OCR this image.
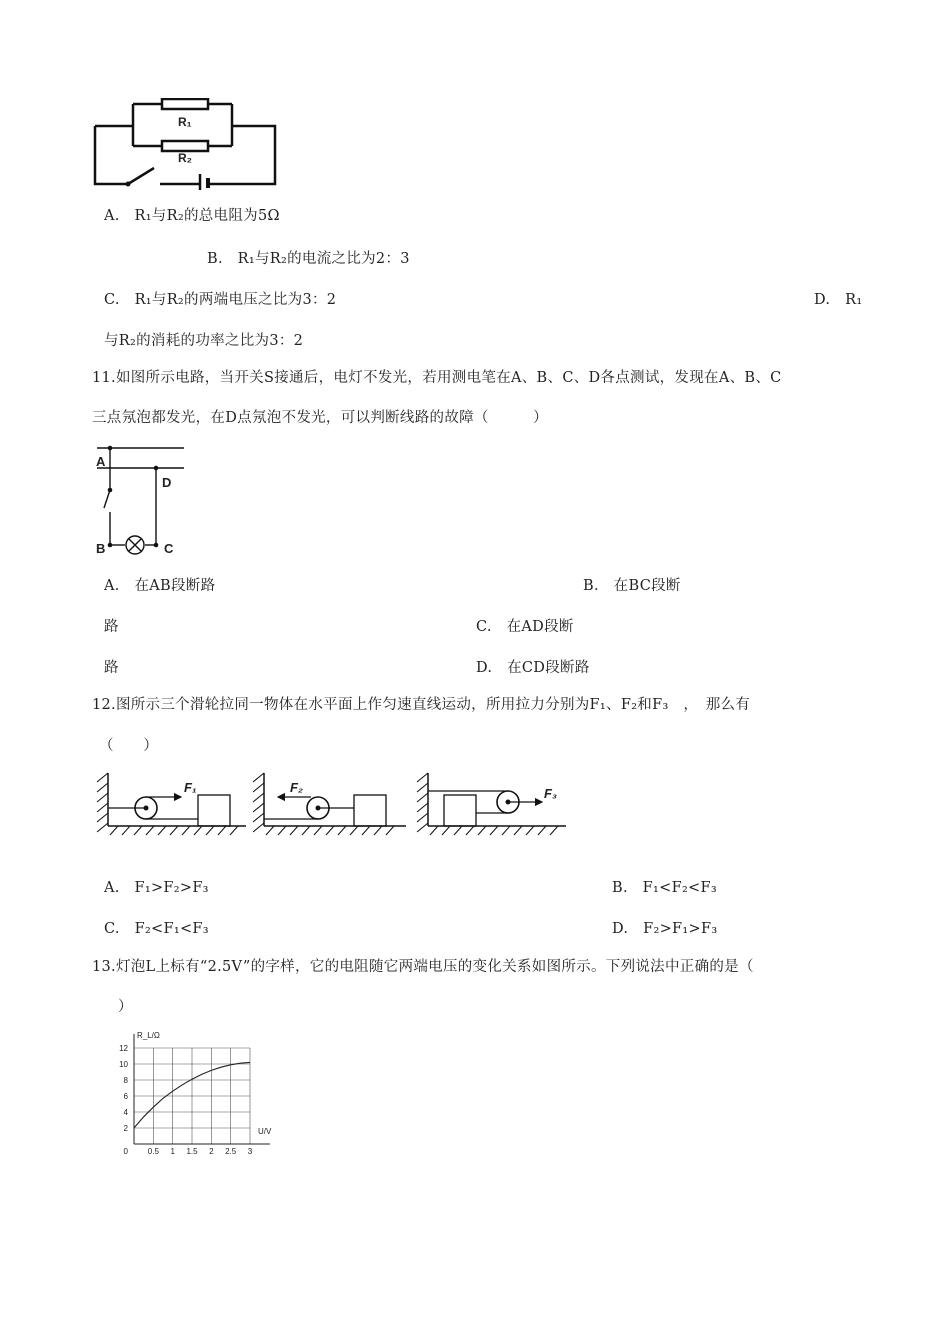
R₁
R₂
A.　R₁与R₂的总电阻为5Ω
B.　R₁与R₂的电流之比为2：3
C.　R₁与R₂的两端电压之比为3：2	D.　R₁
与R₂的消耗的功率之比为3：2
11.如图所示电路，当开关S接通后，电灯不发光，若用测电笔在A、B、C、D各点测试，发现在A、B、C
三点氖泡都发光，在D点氖泡不发光，可以判断线路的故障（　　　）
A
D
B	C
A.　在AB段断路	B.　在BC段断
路	C.　在AD段断
路	D.　在CD段断路
12.图所示三个滑轮拉同一物体在水平面上作匀速直线运动，所用拉力分别为F₁、F₂和F₃　，　那么有
（　　）
F₁	F₂	F₃
A.　F₁>F₂>F₃	B.　F₁<F₂<F₃
C.　F₂<F₁<F₃	D.　F₂>F₁>F₃
13.灯泡L上标有“2.5V”的字样，它的电阻随它两端电压的变化关系如图所示。下列说法中正确的是（
）
0.5 1 1.5 2 2.5 3
2
4
6
8
10
12
R_L/Ω
U/V
0
